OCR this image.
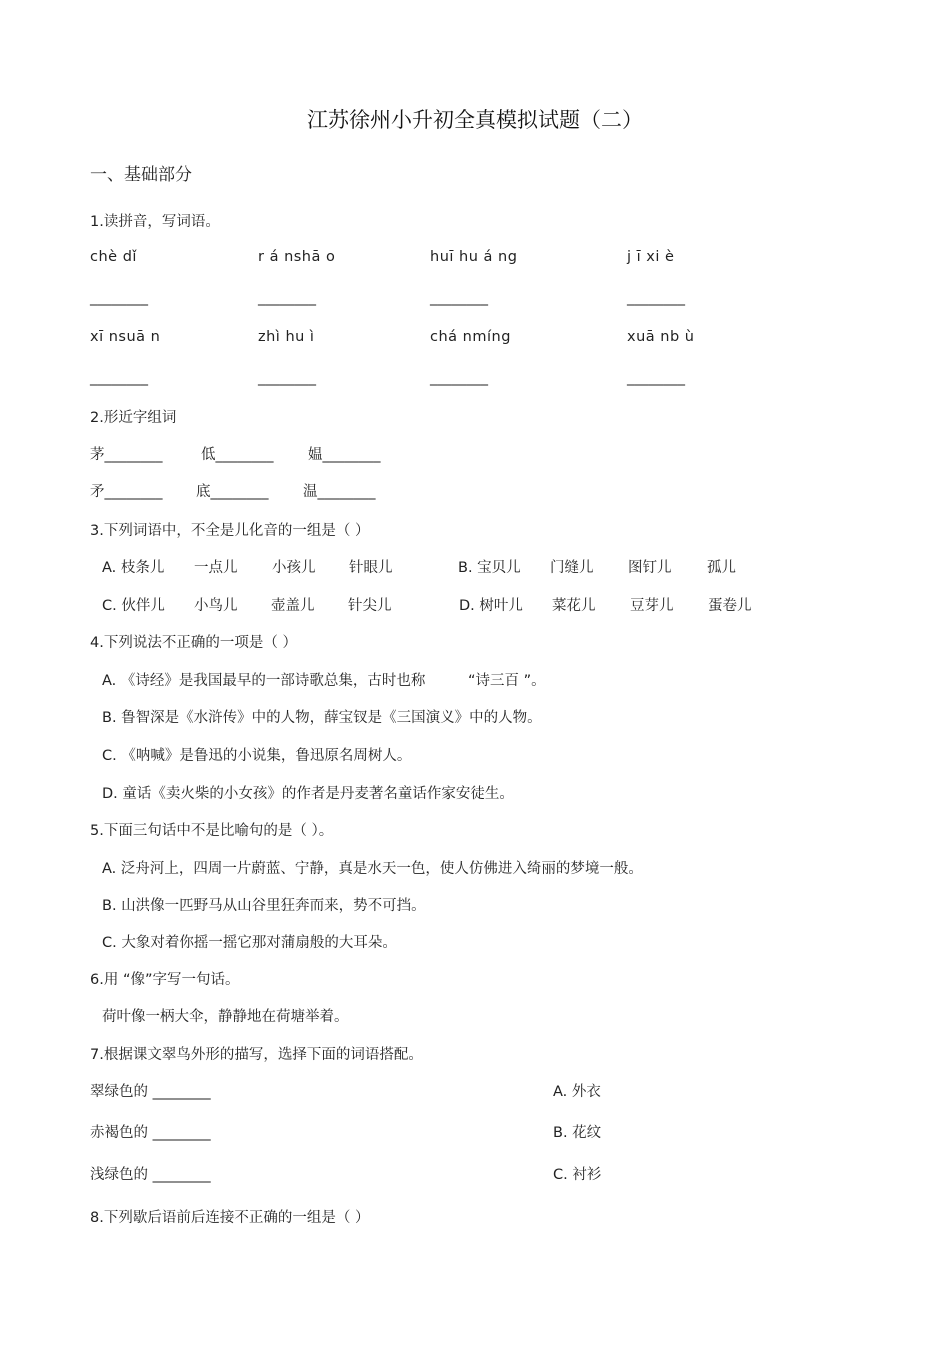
江苏徐州小升初全真模拟试题（二）
一、基础部分
1.读拼音，写词语。
chè dǐ	r á nshā o	huī hu á ng	j ī xi è
________	________	________	________
xī nsuā n	zhì hu ì	chá nmíng	xuā nb ù
________	________	________	________
2.形近字组词
茅________	低________ 媪________
矛________ 底________ 温________
3.下列词语中，不全是儿化音的一组是（ ）
A. 枝条儿 一点儿 小孩儿 针眼儿	B. 宝贝儿 门缝儿 图钉儿 孤儿
C. 伙伴儿 小鸟儿 壶盖儿 针尖儿	D. 树叶儿 菜花儿 豆芽儿 蛋卷儿
4.下列说法不正确的一项是（ ）
A. 《诗经》是我国最早的一部诗歌总集，古时也称	“诗三百 ”。
B. 鲁智深是《水浒传》中的人物，薛宝钗是《三国演义》中的人物。
C. 《呐喊》是鲁迅的小说集，鲁迅原名周树人。
D. 童话《卖火柴的小女孩》的作者是丹麦著名童话作家安徒生。
5.下面三句话中不是比喻句的是（ ）。
A. 泛舟河上，四周一片蔚蓝、宁静，真是水天一色，使人仿佛进入绮丽的梦境一般。
B. 山洪像一匹野马从山谷里狂奔而来，势不可挡。
C. 大象对着你摇一摇它那对蒲扇般的大耳朵。
6.用 “像”字写一句话。
荷叶像一柄大伞，静静地在荷塘举着。
7.根据课文翠鸟外形的描写，选择下面的词语搭配。
翠绿色的 ________	A. 外衣
赤褐色的 ________	B. 花纹
浅绿色的 ________	C. 衬衫
8.下列歇后语前后连接不正确的一组是（ ）
